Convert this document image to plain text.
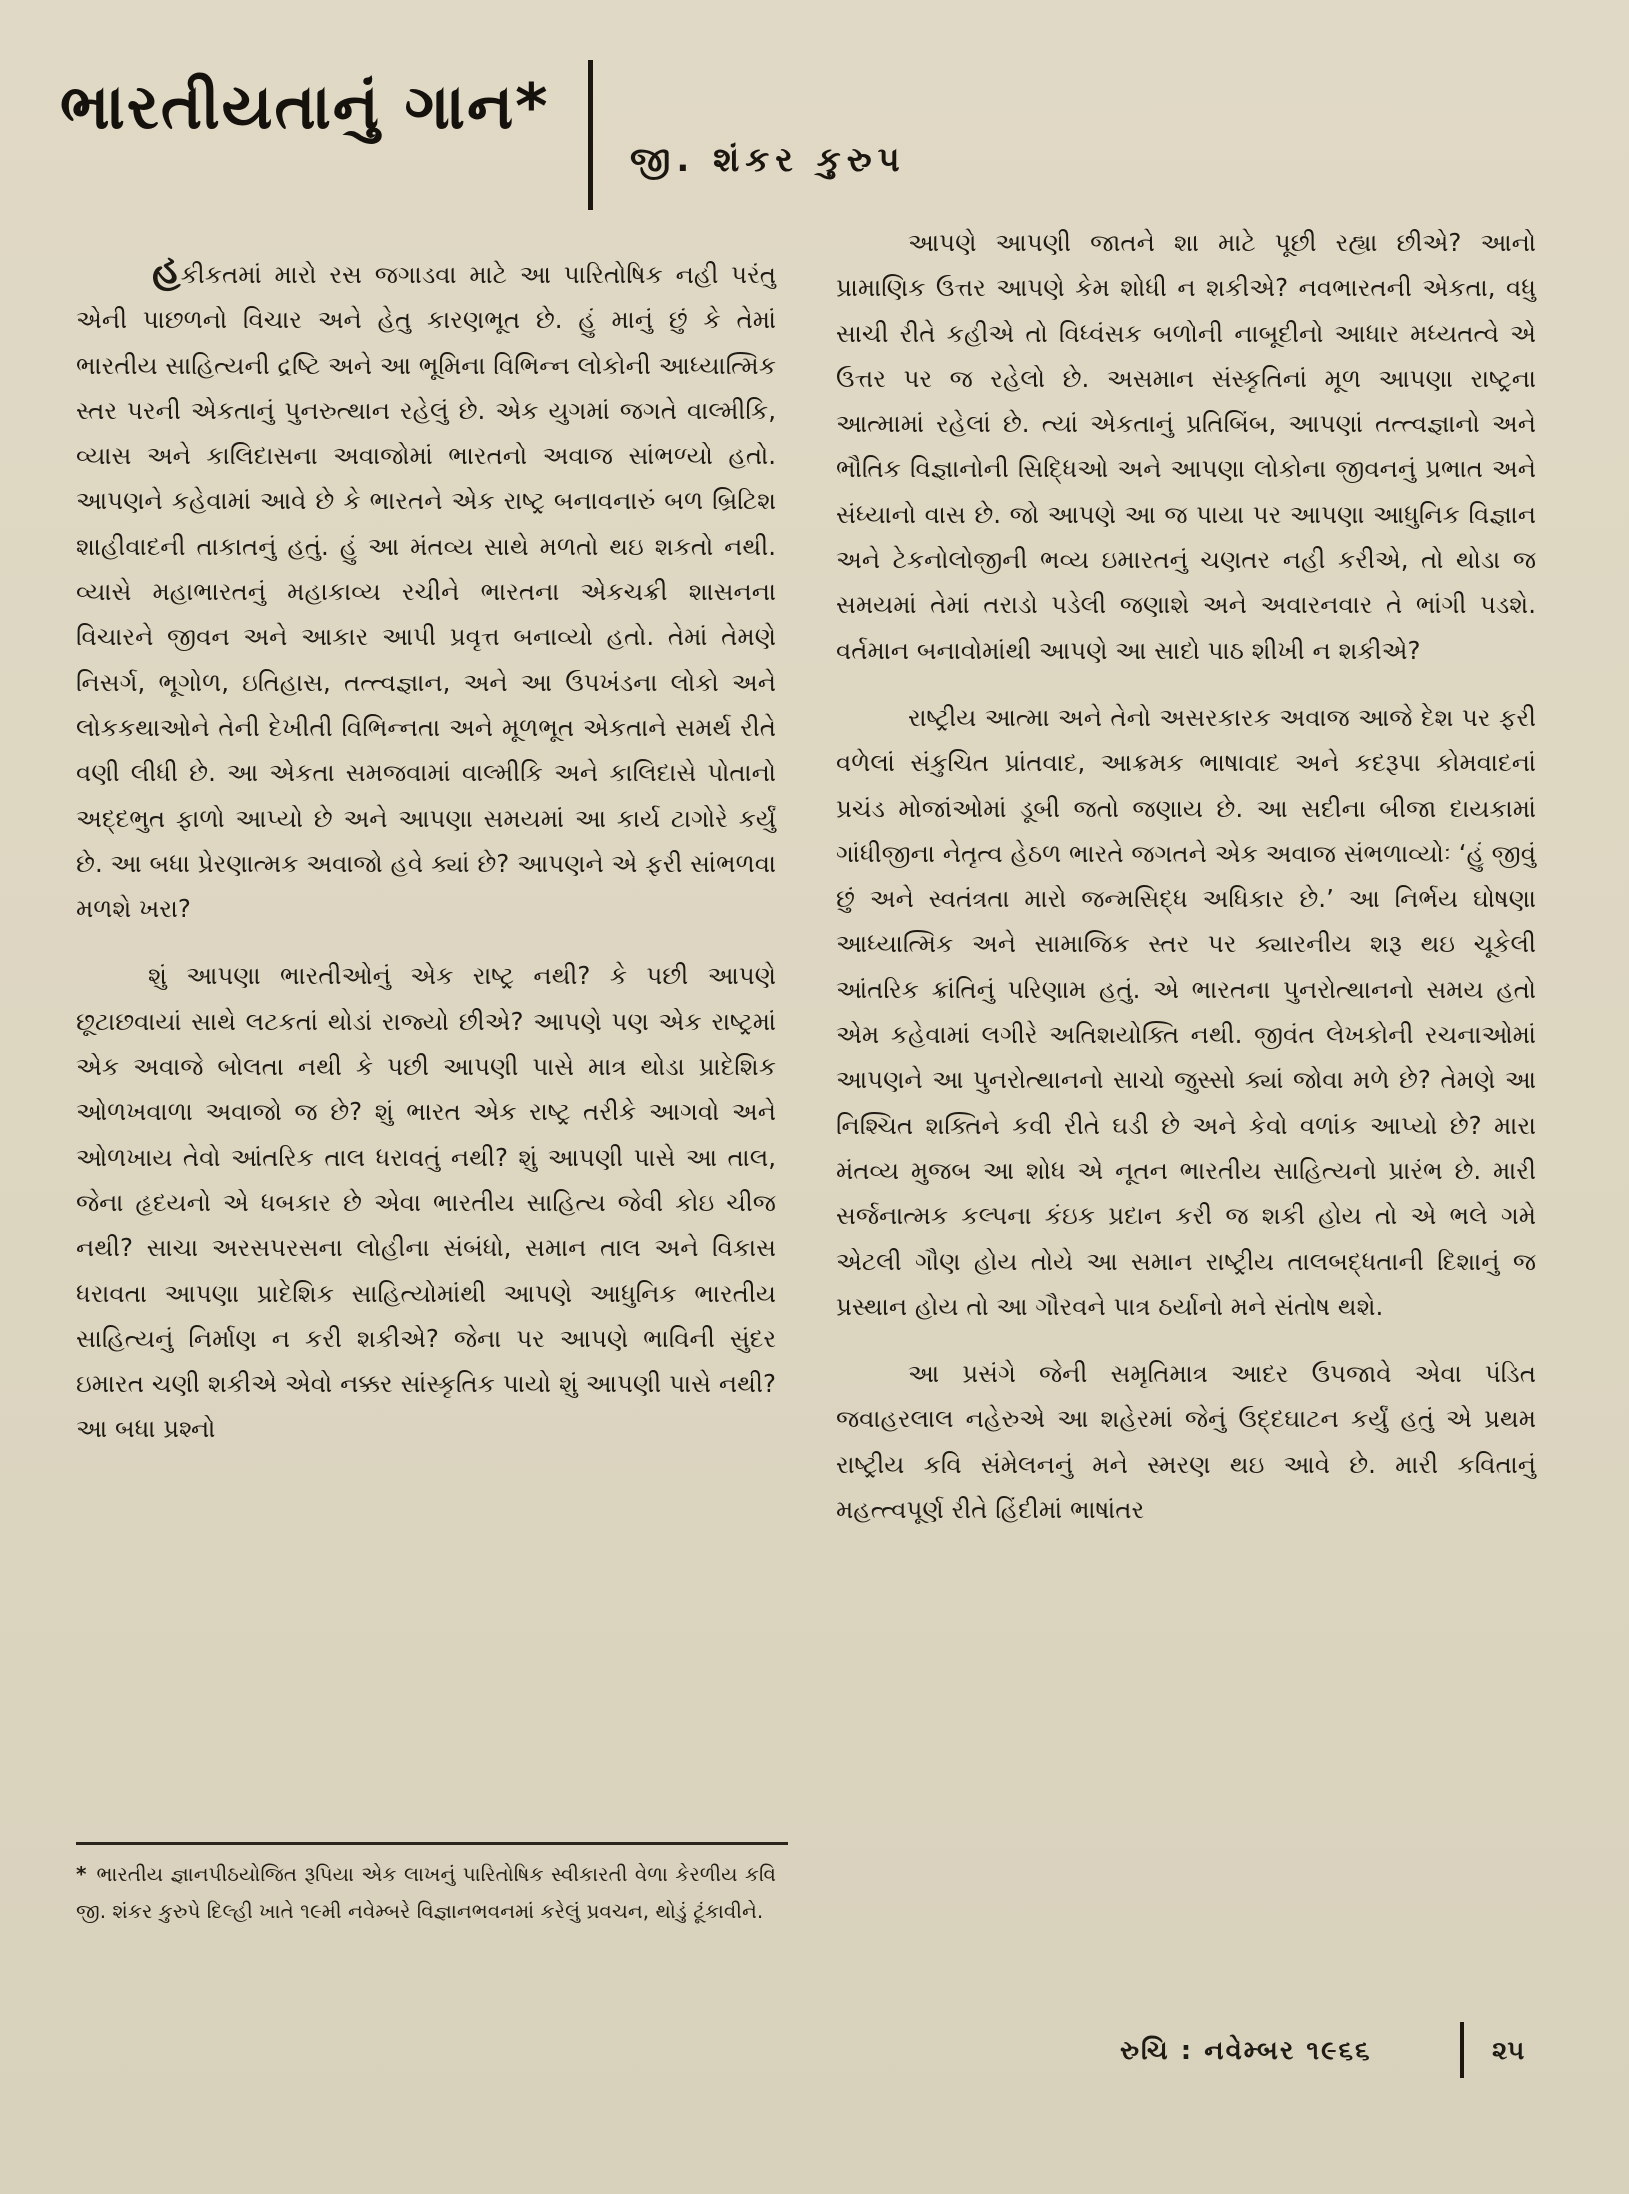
ભારતીયતાનું ગાન*
જી. શંકર કુરુપ

હકીકતમાં મારો રસ જગાડવા માટે આ પારિતોષિક નહી પરંતુ એની પાછળનો વિચાર અને હેતુ કારણભૂત છે. હું માનું છું કે તેમાં ભારતીય સાહિત્યની દ્રષ્ટિ અને આ ભૂમિના વિભિન્ન લોકોની આધ્યાત્મિક સ્તર પરની એકતાનું પુનરુત્થાન રહેલું છે. એક યુગમાં જગતે વાલ્મીકિ, વ્યાસ અને કાલિદાસના અવાજોમાં ભારતનો અવાજ સાંભળ્યો હતો. આપણને કહેવામાં આવે છે કે ભારતને એક રાષ્ટ્ર બનાવનારું બળ બ્રિટિશ શાહીવાદની તાકાતનું હતું. હું આ મંતવ્ય સાથે મળતો થઇ શકતો નથી. વ્યાસે મહાભારતનું મહાકાવ્ય રચીને ભારતના એકચક્રી શાસનના વિચારને જીવન અને આકાર આપી પ્રવૃત્ત બનાવ્યો હતો. તેમાં તેમણે નિસર્ગ, ભૂગોળ, ઇતિહાસ, તત્ત્વજ્ઞાન, અને આ ઉપખંડના લોકો અને લોકકથાઓને તેની દેખીતી વિભિન્નતા અને મૂળભૂત એકતાને સમર્થ રીતે વણી લીધી છે. આ એકતા સમજવામાં વાલ્મીકિ અને કાલિદાસે પોતાનો અદ્દભુત ફાળો આપ્યો છે અને આપણા સમયમાં આ કાર્ય ટાગોરે કર્યું છે. આ બધા પ્રેરણાત્મક અવાજો હવે ક્યાં છે? આપણને એ ફરી સાંભળવા મળશે ખરા?

શું આપણા ભારતીઓનું એક રાષ્ટ્ર નથી? કે પછી આપણે છૂટાછવાયાં સાથે લટકતાં થોડાં રાજ્યો છીએ? આપણે પણ એક રાષ્ટ્રમાં એક અવાજે બોલતા નથી કે પછી આપણી પાસે માત્ર થોડા પ્રાદેશિક ઓળખવાળા અવાજો જ છે? શું ભારત એક રાષ્ટ્ર તરીકે આગવો અને ઓળખાય તેવો આંતરિક તાલ ધરાવતું નથી? શું આપણી પાસે આ તાલ, જેના હૃદયનો એ ધબકાર છે એવા ભારતીય સાહિત્ય જેવી કોઇ ચીજ નથી? સાચા અરસપરસના લોહીના સંબંધો, સમાન તાલ અને વિકાસ ધરાવતા આપણા પ્રાદેશિક સાહિત્યોમાંથી આપણે આધુનિક ભારતીય સાહિત્યનું નિર્માણ ન કરી શકીએ? જેના પર આપણે ભાવિની સુંદર ઇમારત ચણી શકીએ એવો નક્કર સાંસ્કૃતિક પાયો શું આપણી પાસે નથી? આ બધા પ્રશ્નો

* ભારતીય જ્ઞાનપીઠયોજિત રૂપિયા એક લાખનું પારિતોષિક સ્વીકારતી વેળા કેરળીય કવિ જી. શંકર કુરુપે દિલ્હી ખાતે ૧૯મી નવેમ્બરે વિજ્ઞાનભવનમાં કરેલું પ્રવચન, થોડું ટૂંકાવીને.

આપણે આપણી જાતને શા માટે પૂછી રહ્યા છીએ? આનો પ્રામાણિક ઉત્તર આપણે કેમ શોધી ન શકીએ? નવભારતની એકતા, વધુ સાચી રીતે કહીએ તો વિધ્વંસક બળોની નાબૂદીનો આધાર મધ્યતત્વે એ ઉત્તર પર જ રહેલો છે. અસમાન સંસ્કૃતિનાં મૂળ આપણા રાષ્ટ્રના આત્મામાં રહેલાં છે. ત્યાં એકતાનું પ્રતિબિંબ, આપણાં તત્ત્વજ્ઞાનો અને ભૌતિક વિજ્ઞાનોની સિદ્ધિઓ અને આપણા લોકોના જીવનનું પ્રભાત અને સંધ્યાનો વાસ છે. જો આપણે આ જ પાયા પર આપણા આધુનિક વિજ્ઞાન અને ટેકનોલોજીની ભવ્ય ઇમારતનું ચણતર નહી કરીએ, તો થોડા જ સમયમાં તેમાં તરાડો પડેલી જણાશે અને અવારનવાર તે ભાંગી પડશે. વર્તમાન બનાવોમાંથી આપણે આ સાદો પાઠ શીખી ન શકીએ?

રાષ્ટ્રીય આત્મા અને તેનો અસરકારક અવાજ આજે દેશ પર ફરી વળેલાં સંકુચિત પ્રાંતવાદ, આક્રમક ભાષાવાદ અને કદરૂપા કોમવાદનાં પ્રચંડ મોજાંઓમાં ડૂબી જતો જણાય છે. આ સદીના બીજા દાયકામાં ગાંધીજીના નેતૃત્વ હેઠળ ભારતે જગતને એક અવાજ સંભળાવ્યોઃ ‘હું જીવું છું અને સ્વતંત્રતા મારો જન્મસિદ્ધ અધિકાર છે.’ આ નિર્ભય ઘોષણા આધ્યાત્મિક અને સામાજિક સ્તર પર ક્યારનીય શરૂ થઇ ચૂકેલી આંતરિક ક્રાંતિનું પરિણામ હતું. એ ભારતના પુનરોત્થાનનો સમય હતો એમ કહેવામાં લગીરે અતિશયોક્તિ નથી. જીવંત લેખકોની રચનાઓમાં આપણને આ પુનરોત્થાનનો સાચો જુસ્સો ક્યાં જોવા મળે છે? તેમણે આ નિશ્ચિત શક્તિને કવી રીતે ઘડી છે અને કેવો વળાંક આપ્યો છે? મારા મંતવ્ય મુજબ આ શોધ એ નૂતન ભારતીય સાહિત્યનો પ્રારંભ છે. મારી સર્જનાત્મક કલ્પના કંઇક પ્રદાન કરી જ શકી હોય તો એ ભલે ગમે એટલી ગૌણ હોય તોયે આ સમાન રાષ્ટ્રીય તાલબદ્ધતાની દિશાનું જ પ્રસ્થાન હોય તો આ ગૌરવને પાત્ર ઠર્યાનો મને સંતોષ થશે.

આ પ્રસંગે જેની સમૃતિમાત્ર આદર ઉપજાવે એવા પંડિત જવાહરલાલ નહેરુએ આ શહેરમાં જેનું ઉદ્દઘાટન કર્યું હતું એ પ્રથમ રાષ્ટ્રીય કવિ સંમેલનનું મને સ્મરણ થઇ આવે છે. મારી કવિતાનું મહત્ત્વપૂર્ણ રીતે હિંદીમાં ભાષાંતર

રુચિ : નવેમ્બર ૧૯૬૬	૨૫
